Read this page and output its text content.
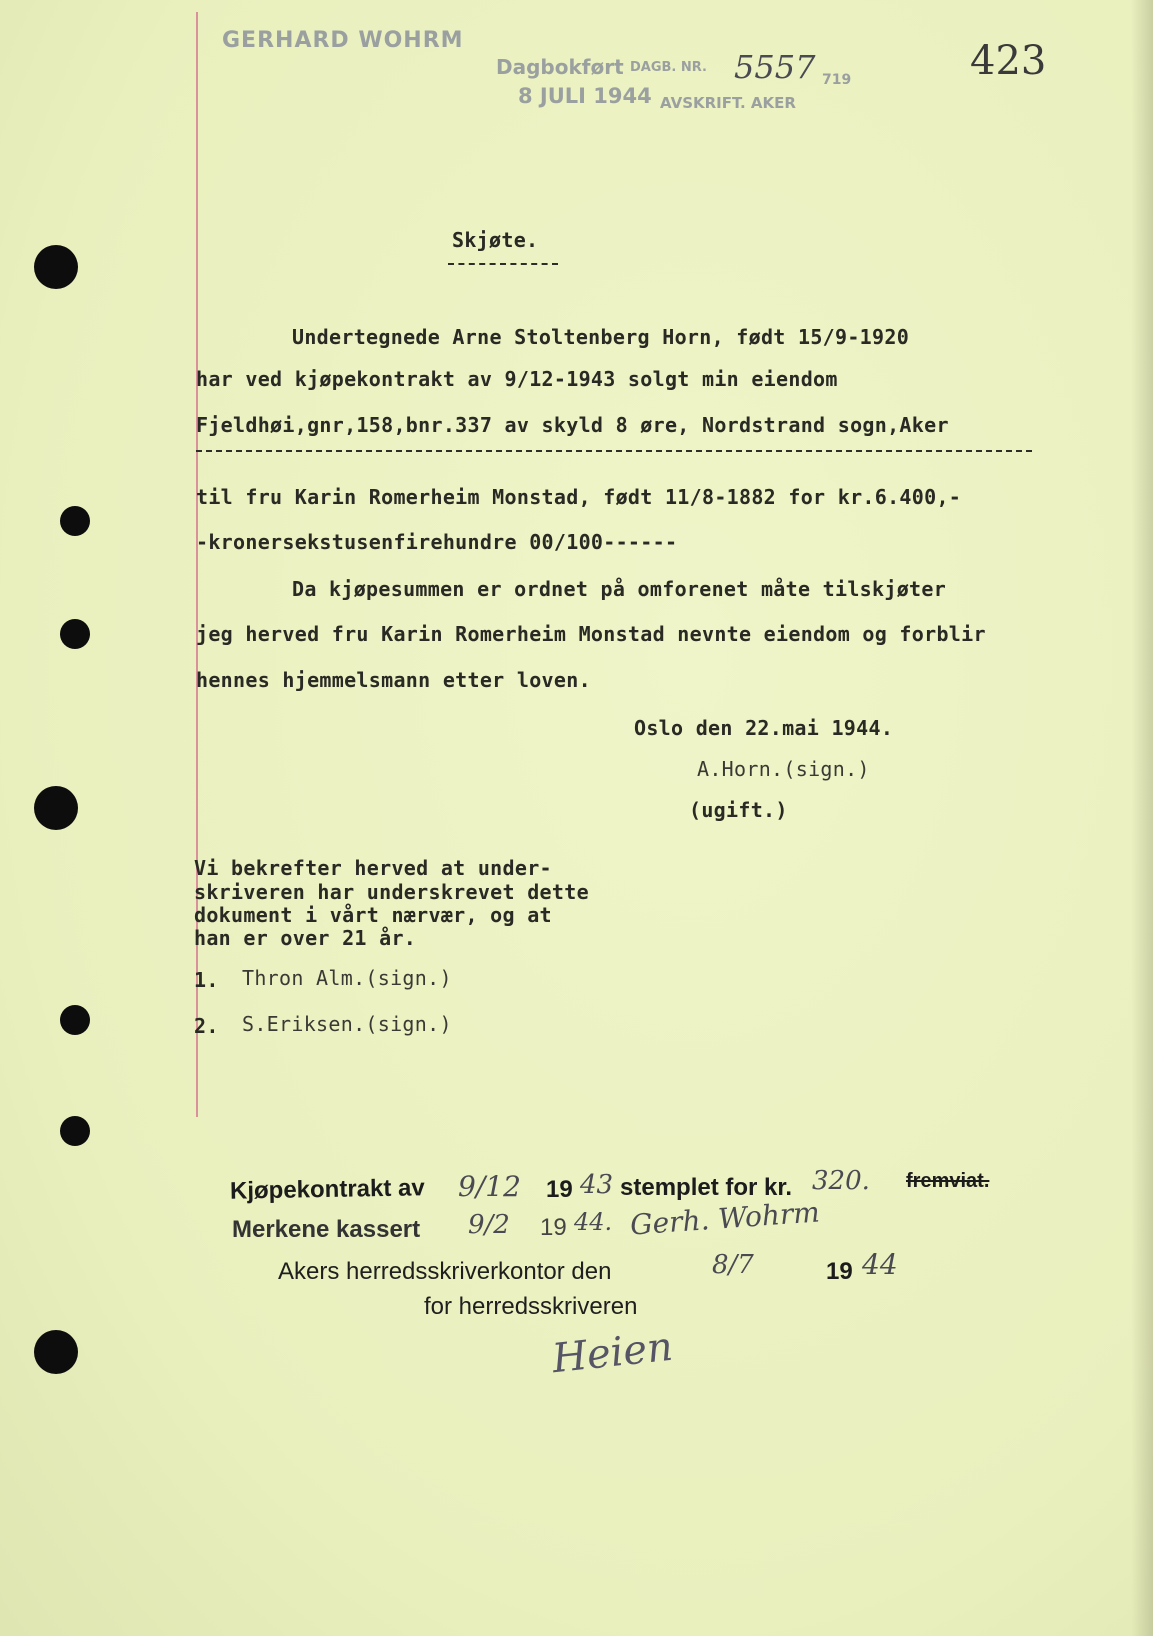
GERHARD WOHRM
Dagbokført DAGB. NR. 5557 719
8 JULI 1944 AVSKRIFT. AKER
423
Skjøte.
Undertegnede Arne Stoltenberg Horn, født 15/9-1920
har ved kjøpekontrakt av 9/12-1943 solgt min eiendom
Fjeldhøi,gnr,158,bnr.337 av skyld 8 øre, Nordstrand sogn,Aker
til fru Karin Romerheim Monstad, født 11/8-1882 for kr.6.400,-
-kronersekstusenfirehundre 00/100------
Da kjøpesummen er ordnet på omforenet måte tilskjøter
jeg herved fru Karin Romerheim Monstad nevnte eiendom og forblir
hennes hjemmelsmann etter loven.
Oslo den 22.mai 1944.
A.Horn.(sign.)
(ugift.)
Vi bekrefter herved at under-
skriveren har underskrevet dette
dokument i vårt nærvær, og at
han er over 21 år.
1. Thron Alm.(sign.)
2. S.Eriksen.(sign.)
Kjøpekontrakt av 9/12 19 43 stemplet for kr. 320. fremviat.
Merkene kassert 9/2 19 44. Gerh. Wohrm
Akers herredsskriverkontor den	8/7	19 44
for herredsskriveren
Heien
